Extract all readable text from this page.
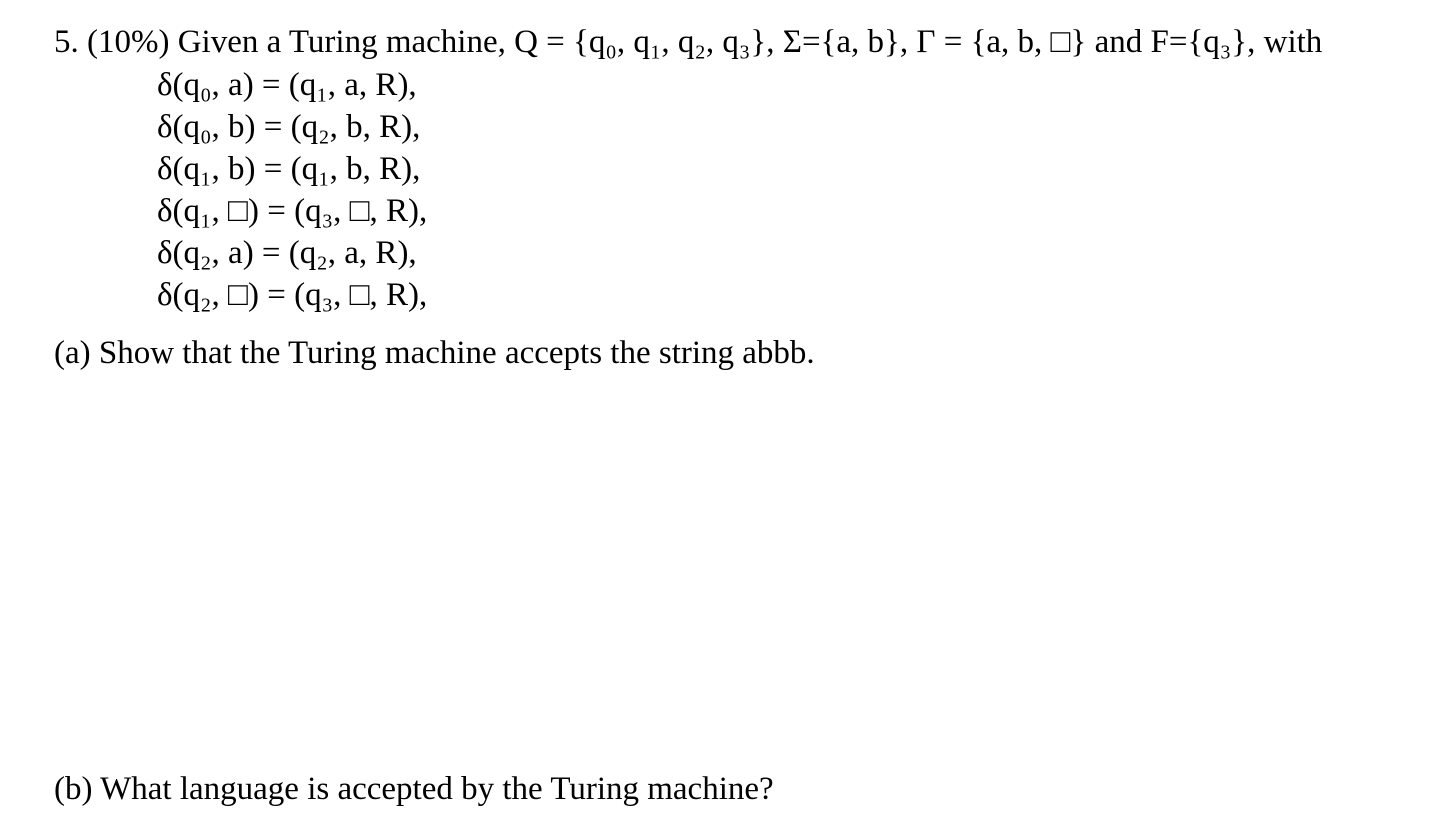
5. (10%) Given a Turing machine, Q = {q₀, q₁, q₂, q₃}, Σ={a, b}, Γ = {a, b, □} and F={q₃}, with
δ(q₀, a) = (q₁, a, R),
δ(q₀, b) = (q₂, b, R),
δ(q₁, b) = (q₁, b, R),
δ(q₁, □) = (q₃, □, R),
δ(q₂, a) = (q₂, a, R),
δ(q₂, □) = (q₃, □, R),
(a) Show that the Turing machine accepts the string abbb.
(b) What language is accepted by the Turing machine?
